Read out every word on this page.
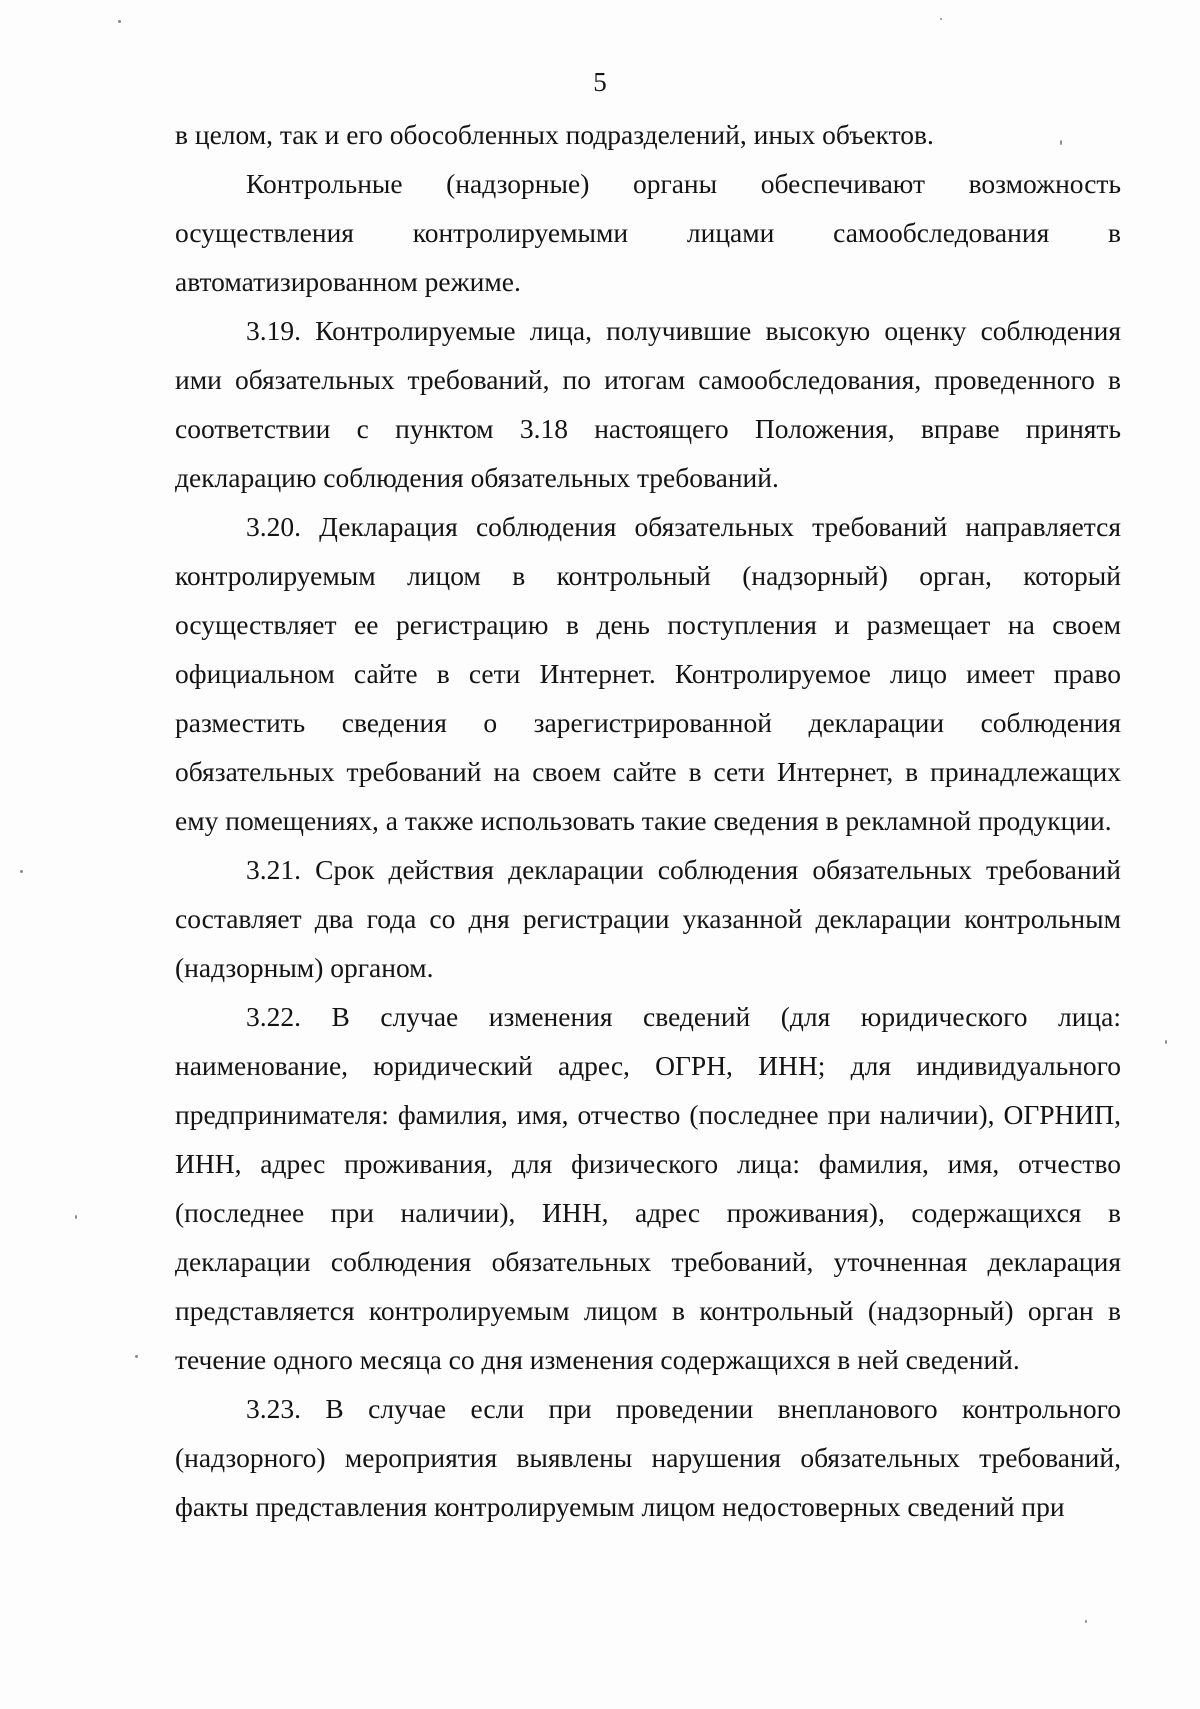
5

в целом, так и его обособленных подразделений, иных объектов.

Контрольные (надзорные) органы обеспечивают возможность осуществления контролируемыми лицами самообследования в автоматизированном режиме.

3.19. Контролируемые лица, получившие высокую оценку соблюдения ими обязательных требований, по итогам самообследования, проведенного в соответствии с пунктом 3.18 настоящего Положения, вправе принять декларацию соблюдения обязательных требований.

3.20. Декларация соблюдения обязательных требований направляется контролируемым лицом в контрольный (надзорный) орган, который осуществляет ее регистрацию в день поступления и размещает на своем официальном сайте в сети Интернет. Контролируемое лицо имеет право разместить сведения о зарегистрированной декларации соблюдения обязательных требований на своем сайте в сети Интернет, в принадлежащих ему помещениях, а также использовать такие сведения в рекламной продукции.

3.21. Срок действия декларации соблюдения обязательных требований составляет два года со дня регистрации указанной декларации контрольным (надзорным) органом.

3.22. В случае изменения сведений (для юридического лица: наименование, юридический адрес, ОГРН, ИНН; для индивидуального предпринимателя: фамилия, имя, отчество (последнее при наличии), ОГРНИП, ИНН, адрес проживания, для физического лица: фамилия, имя, отчество (последнее при наличии), ИНН, адрес проживания), содержащихся в декларации соблюдения обязательных требований, уточненная декларация представляется контролируемым лицом в контрольный (надзорный) орган в течение одного месяца со дня изменения содержащихся в ней сведений.

3.23. В случае если при проведении внепланового контрольного (надзорного) мероприятия выявлены нарушения обязательных требований, факты представления контролируемым лицом недостоверных сведений при
